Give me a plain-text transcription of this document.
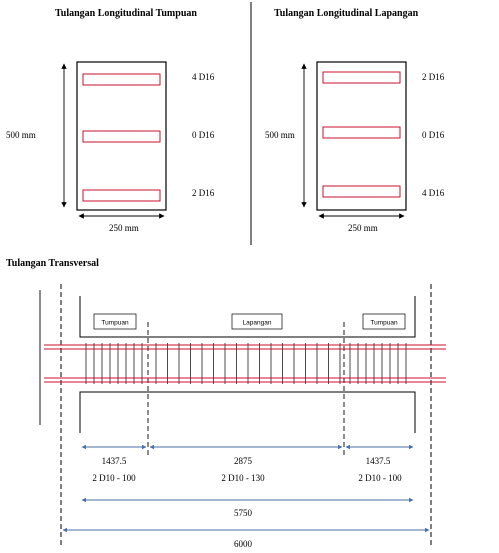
Tulangan Longitudinal Tumpuan
500 mm
250 mm
4 D16
0 D16
2 D16
Tulangan Longitudinal Lapangan
500 mm
250 mm
2 D16
0 D16
4 D16
Tulangan Transversal
Tumpuan	Lapangan	Tumpuan
1437.5	2875	1437.5
2 D10 - 100	2 D10 - 130	2 D10 - 100
5750
6000
